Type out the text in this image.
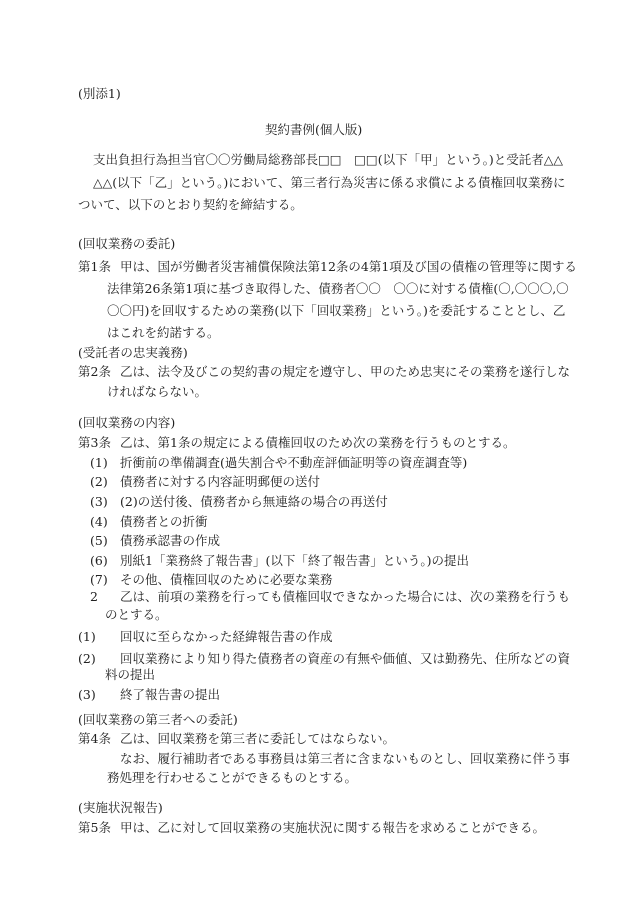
(別添1)
契約書例(個人版)
支出負担行為担当官〇〇労働局総務部長□□　□□(以下「甲」という。)と受託者△△
△△(以下「乙」という。)において、第三者行為災害に係る求償による債権回収業務に
ついて、以下のとおり契約を締結する。
(回収業務の委託)
第1条 甲は、国が労働者災害補償保険法第12条の4第1項及び国の債権の管理等に関する
法律第26条第1項に基づき取得した、債務者〇〇　〇〇に対する債権(〇,〇〇〇,〇
〇〇円)を回収するための業務(以下「回収業務」という。)を委託することとし、乙
はこれを約諾する。
(受託者の忠実義務)
第2条 乙は、法令及びこの契約書の規定を遵守し、甲のため忠実にその業務を遂行しな
ければならない。
(回収業務の内容)
第3条 乙は、第1条の規定による債権回収のため次の業務を行うものとする。
(1) 折衝前の準備調査(過失割合や不動産評価証明等の資産調査等)
(2) 債務者に対する内容証明郵便の送付
(3) (2)の送付後、債務者から無連絡の場合の再送付
(4) 債務者との折衝
(5) 債務承認書の作成
(6) 別紙1「業務終了報告書」(以下「終了報告書」という。)の提出
(7) その他、債権回収のために必要な業務
2 乙は、前項の業務を行っても債権回収できなかった場合には、次の業務を行うも
のとする。
(1) 回収に至らなかった経緯報告書の作成
(2) 回収業務により知り得た債務者の資産の有無や価値、又は勤務先、住所などの資
料の提出
(3) 終了報告書の提出
(回収業務の第三者への委託)
第4条 乙は、回収業務を第三者に委託してはならない。
なお、履行補助者である事務員は第三者に含まないものとし、回収業務に伴う事
務処理を行わせることができるものとする。
(実施状況報告)
第5条 甲は、乙に対して回収業務の実施状況に関する報告を求めることができる。
